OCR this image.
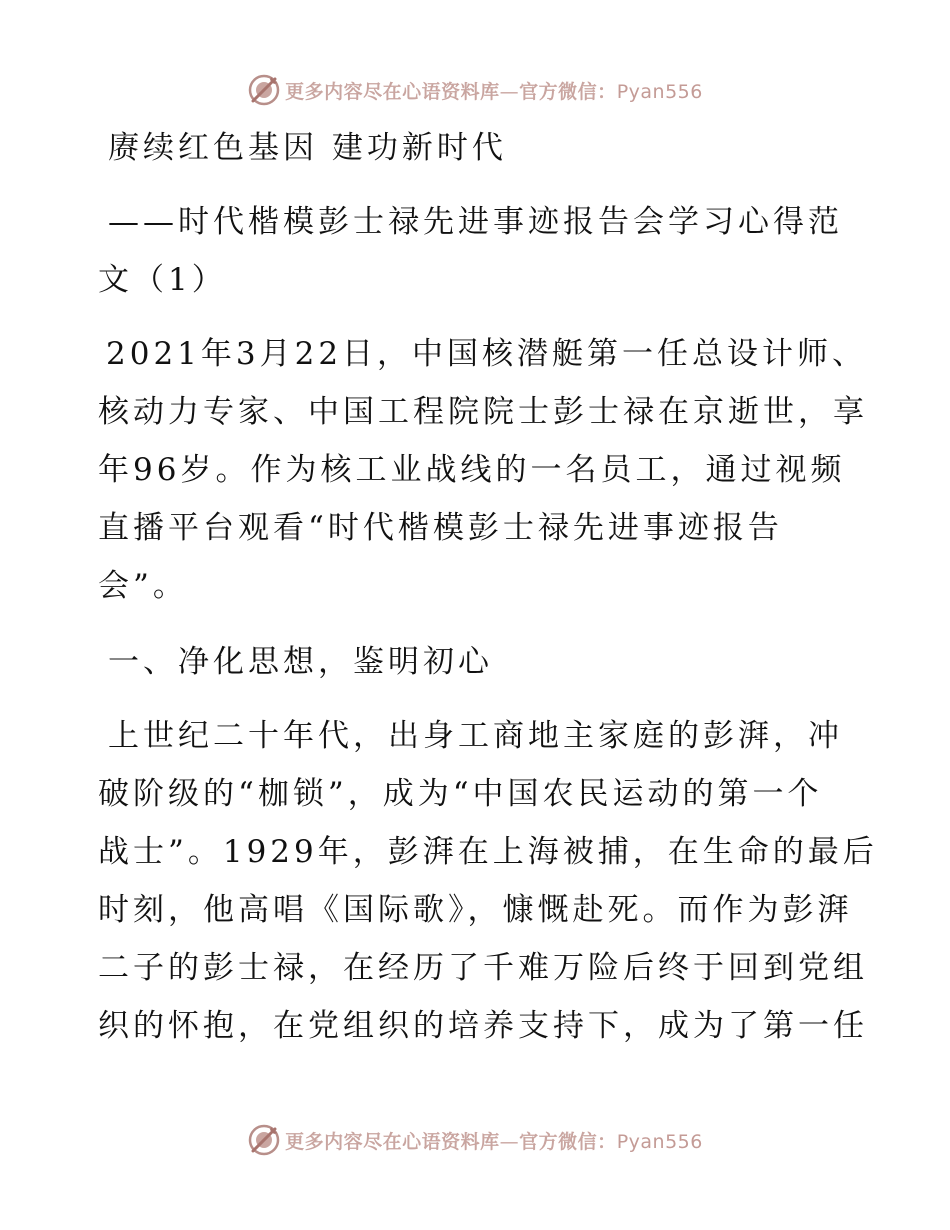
更多内容尽在心语资料库—官方微信：Pyan556
赓续红色基因 建功新时代
——时代楷模彭士禄先进事迹报告会学习心得范
文（1）
2021年3月22日，中国核潜艇第一任总设计师、
核动力专家、中国工程院院士彭士禄在京逝世，享
年96岁。作为核工业战线的一名员工，通过视频
直播平台观看“时代楷模彭士禄先进事迹报告
会”。
一、净化思想，鉴明初心
上世纪二十年代，出身工商地主家庭的彭湃，冲
破阶级的“枷锁”，成为“中国农民运动的第一个
战士”。1929年，彭湃在上海被捕，在生命的最后
时刻，他高唱《国际歌》，慷慨赴死。而作为彭湃
二子的彭士禄，在经历了千难万险后终于回到党组
织的怀抱，在党组织的培养支持下，成为了第一任
更多内容尽在心语资料库—官方微信：Pyan556
